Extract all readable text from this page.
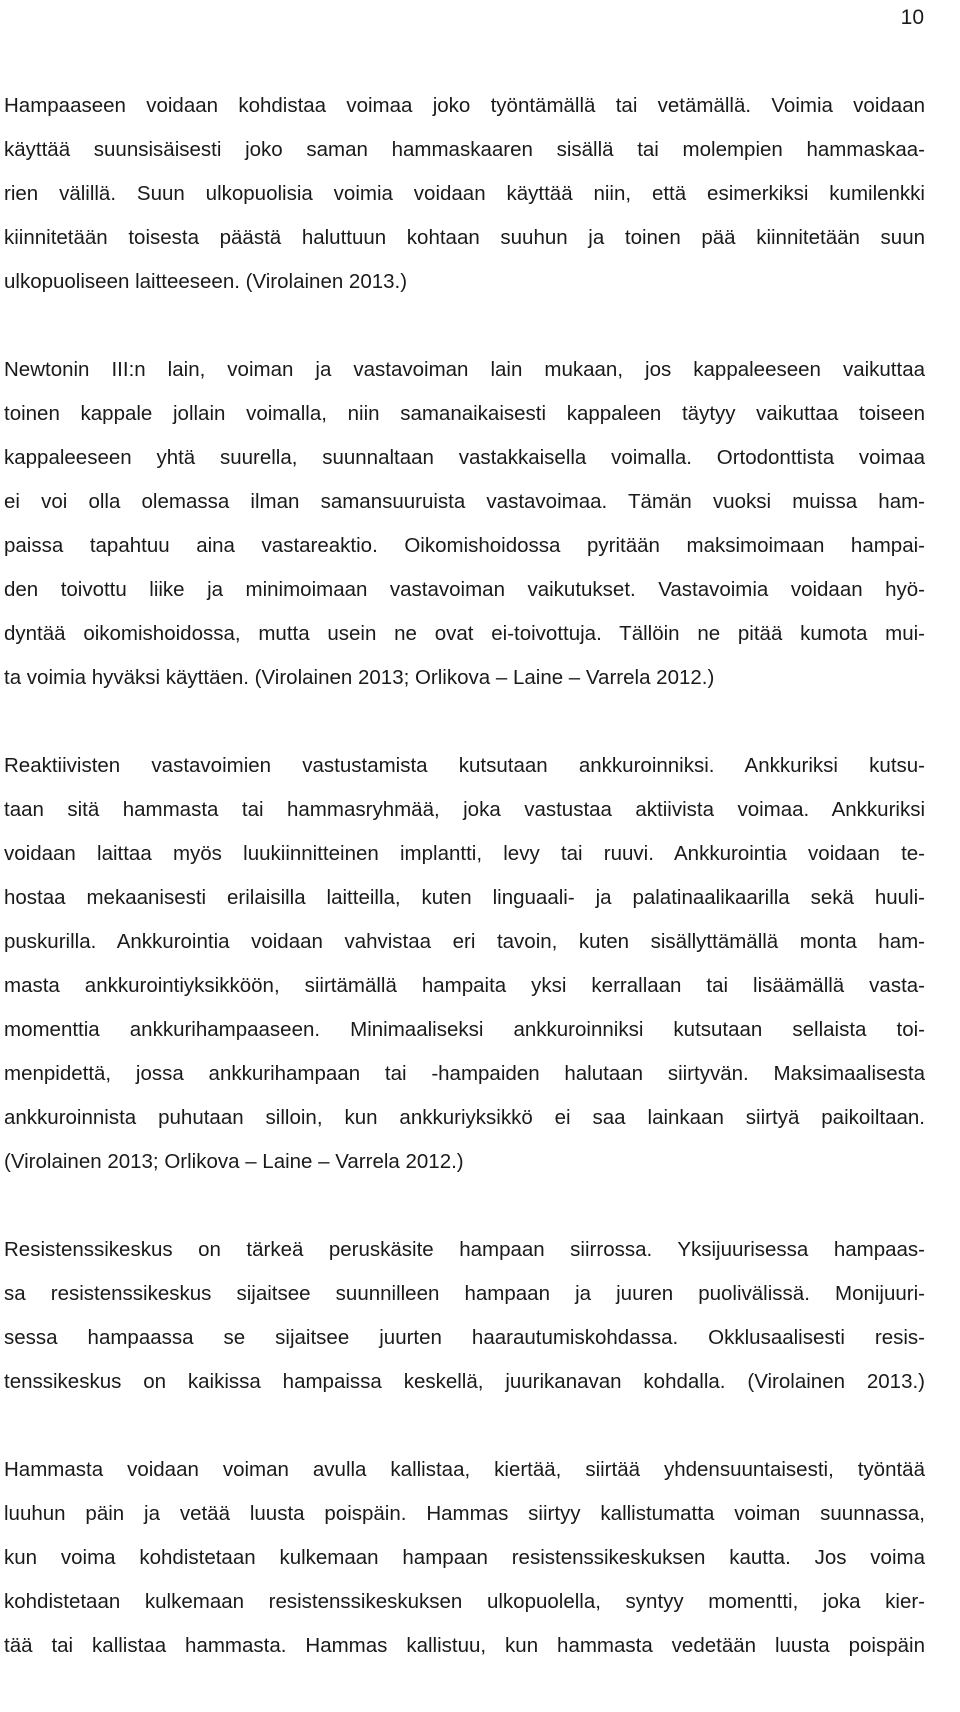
10
Hampaaseen voidaan kohdistaa voimaa joko työntämällä tai vetämällä. Voimia voidaan
käyttää suunsisäisesti joko saman hammaskaaren sisällä tai molempien hammaskaa-
rien välillä. Suun ulkopuolisia voimia voidaan käyttää niin, että esimerkiksi kumilenkki
kiinnitetään toisesta päästä haluttuun kohtaan suuhun ja toinen pää kiinnitetään suun
ulkopuoliseen laitteeseen. (Virolainen 2013.)
Newtonin III:n lain, voiman ja vastavoiman lain mukaan, jos kappaleeseen vaikuttaa
toinen kappale jollain voimalla, niin samanaikaisesti kappaleen täytyy vaikuttaa toiseen
kappaleeseen yhtä suurella, suunnaltaan vastakkaisella voimalla. Ortodonttista voimaa
ei voi olla olemassa ilman samansuuruista vastavoimaa. Tämän vuoksi muissa ham-
paissa tapahtuu aina vastareaktio. Oikomishoidossa pyritään maksimoimaan hampai-
den toivottu liike ja minimoimaan vastavoiman vaikutukset. Vastavoimia voidaan hyö-
dyntää oikomishoidossa, mutta usein ne ovat ei-toivottuja. Tällöin ne pitää kumota mui-
ta voimia hyväksi käyttäen. (Virolainen 2013; Orlikova – Laine – Varrela 2012.)
Reaktiivisten vastavoimien vastustamista kutsutaan ankkuroinniksi. Ankkuriksi kutsu-
taan sitä hammasta tai hammasryhmää, joka vastustaa aktiivista voimaa. Ankkuriksi
voidaan laittaa myös luukiinnitteinen implantti, levy tai ruuvi. Ankkurointia voidaan te-
hostaa mekaanisesti erilaisilla laitteilla, kuten linguaali- ja palatinaalikaarilla sekä huuli-
puskurilla. Ankkurointia voidaan vahvistaa eri tavoin, kuten sisällyttämällä monta ham-
masta ankkurointiyksikköön, siirtämällä hampaita yksi kerrallaan tai lisäämällä vasta-
momenttia ankkurihampaaseen. Minimaaliseksi ankkuroinniksi kutsutaan sellaista toi-
menpidettä, jossa ankkurihampaan tai -hampaiden halutaan siirtyvän. Maksimaalisesta
ankkuroinnista puhutaan silloin, kun ankkuriyksikkö ei saa lainkaan siirtyä paikoiltaan.
(Virolainen 2013; Orlikova – Laine – Varrela 2012.)
Resistenssikeskus on tärkeä peruskäsite hampaan siirrossa. Yksijuurisessa hampaas-
sa resistenssikeskus sijaitsee suunnilleen hampaan ja juuren puolivälissä. Monijuuri-
sessa hampaassa se sijaitsee juurten haarautumiskohdassa. Okklusaalisesti resis-
tenssikeskus on kaikissa hampaissa keskellä, juurikanavan kohdalla. (Virolainen 2013.)
Hammasta voidaan voiman avulla kallistaa, kiertää, siirtää yhdensuuntaisesti, työntää
luuhun päin ja vetää luusta poispäin. Hammas siirtyy kallistumatta voiman suunnassa,
kun voima kohdistetaan kulkemaan hampaan resistenssikeskuksen kautta. Jos voima
kohdistetaan kulkemaan resistenssikeskuksen ulkopuolella, syntyy momentti, joka kier-
tää tai kallistaa hammasta. Hammas kallistuu, kun hammasta vedetään luusta poispäin
